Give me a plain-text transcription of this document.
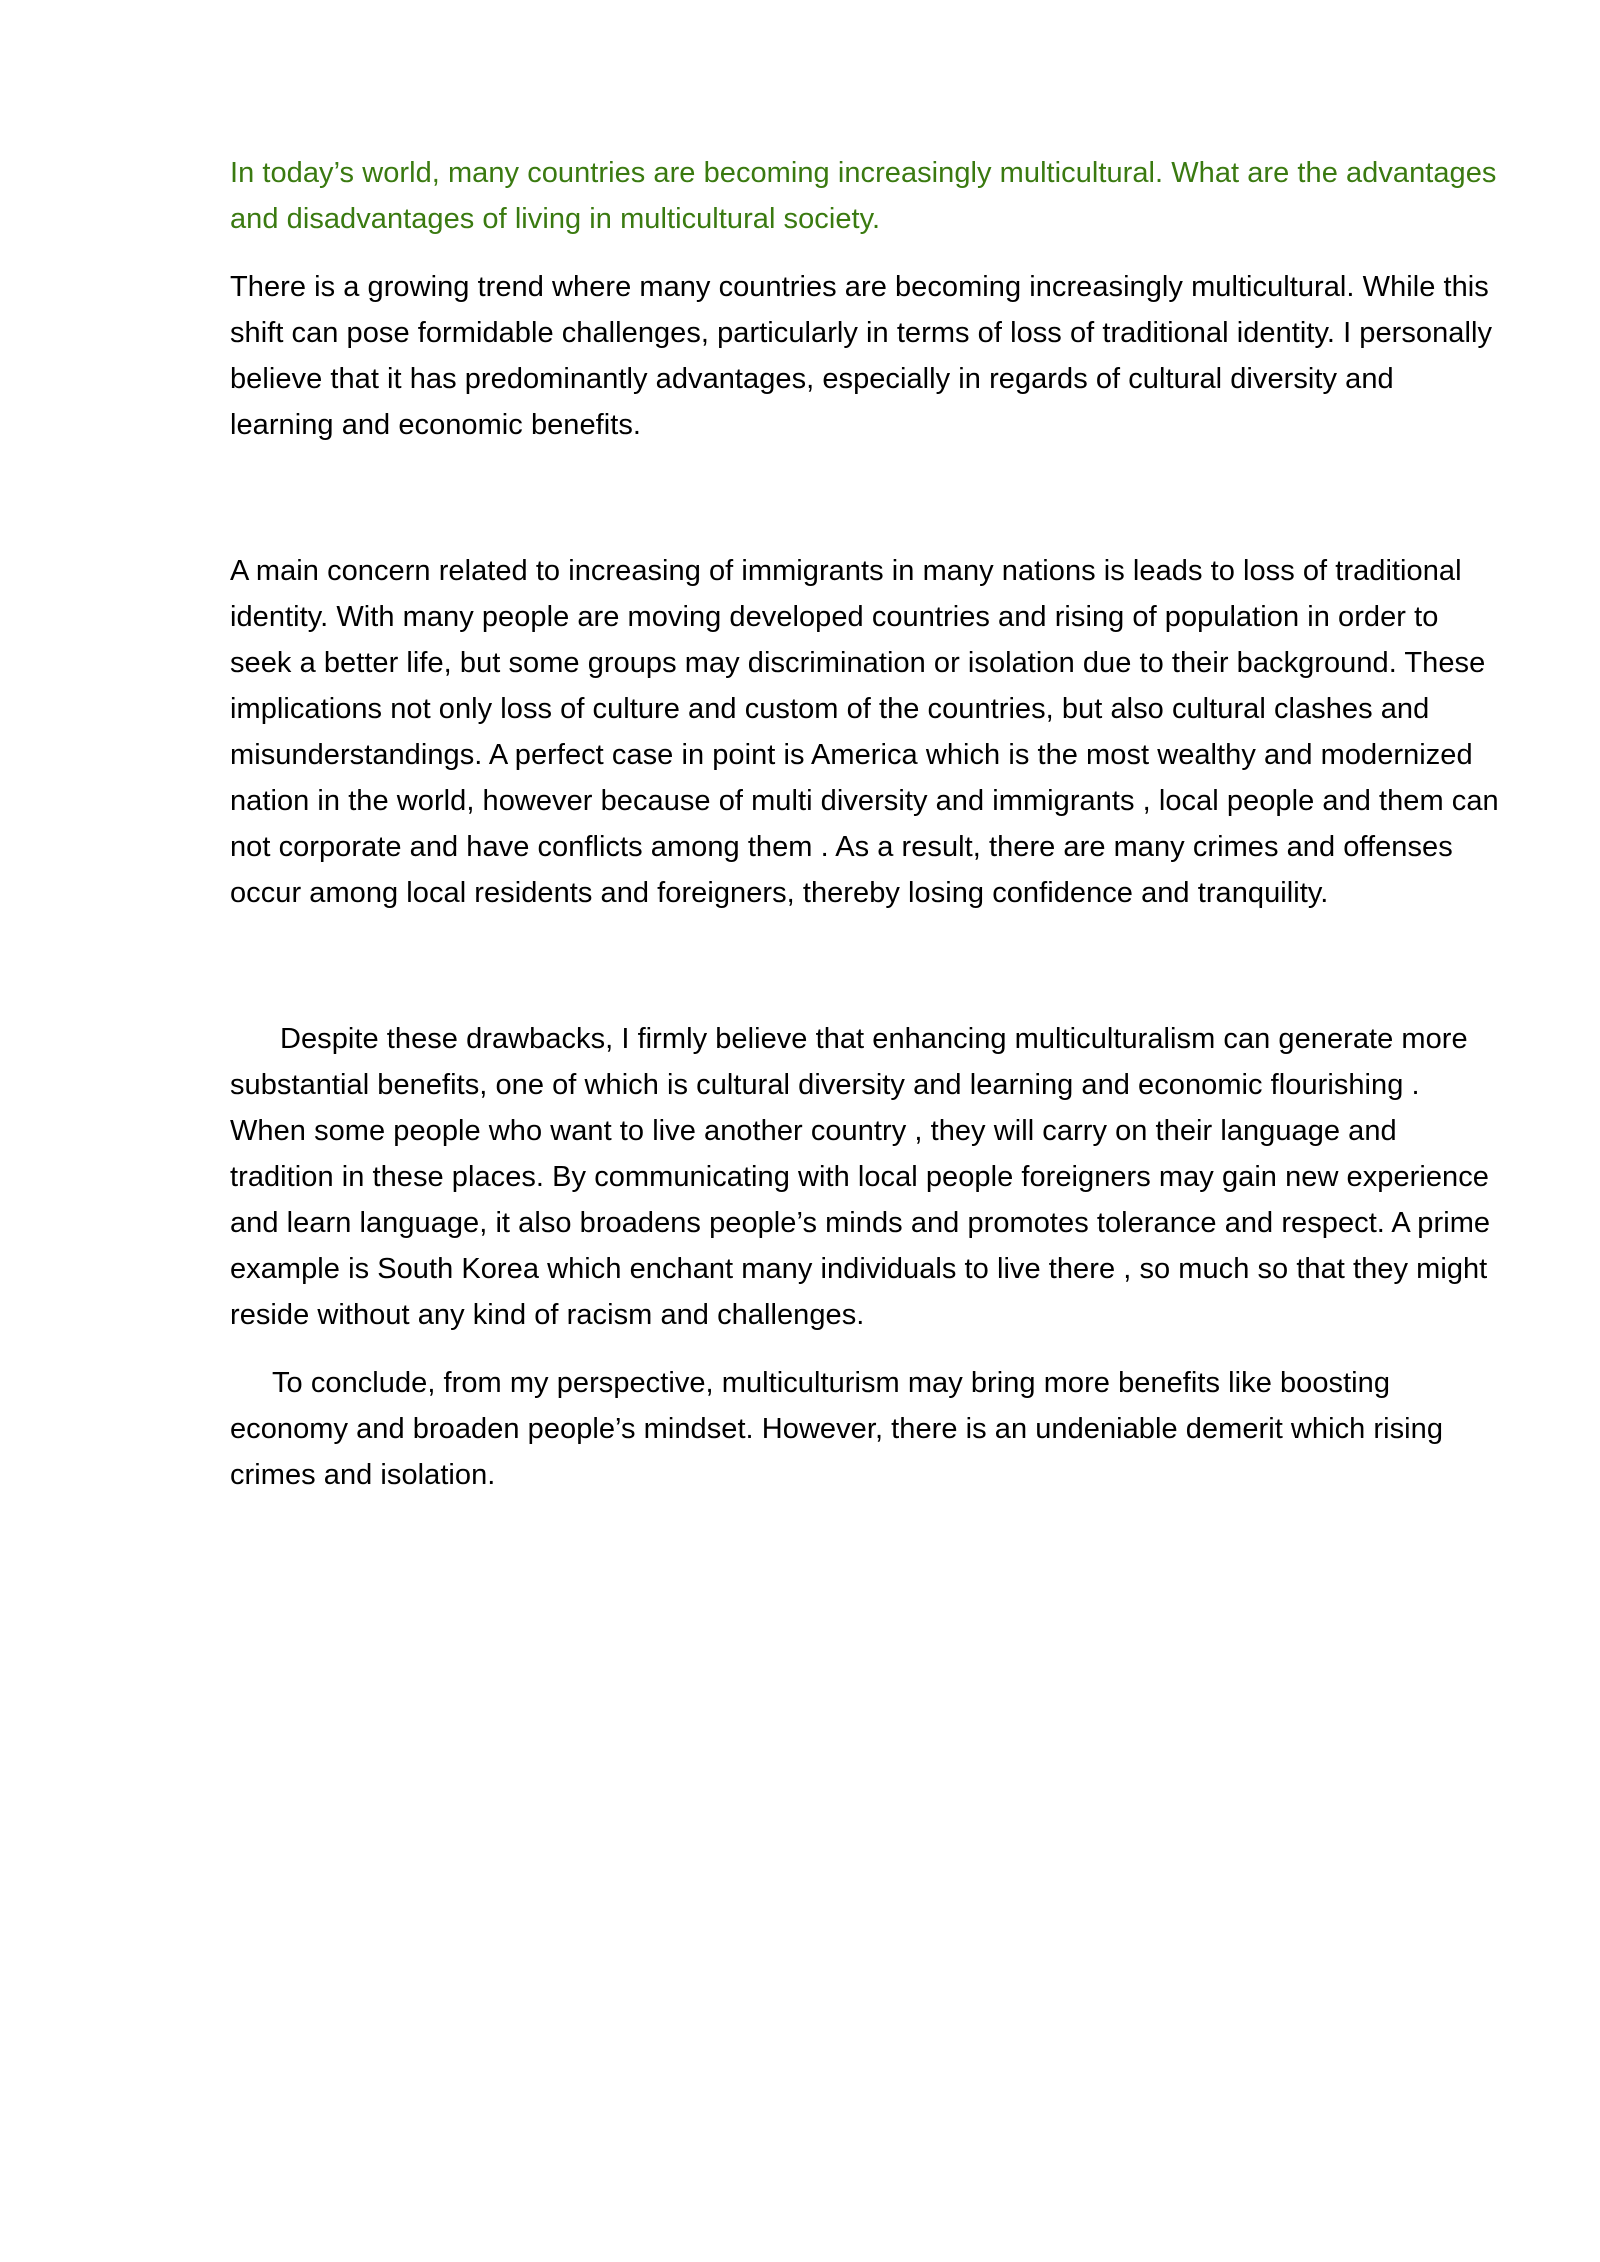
In today’s world, many countries are becoming increasingly multicultural. What are the advantages and disadvantages of living in multicultural society.

There is a growing trend where many countries are becoming increasingly multicultural. While this shift can pose formidable challenges, particularly in terms of loss of traditional identity. I personally believe that it has predominantly advantages, especially in regards of cultural diversity and learning and economic benefits.

A main concern related to increasing of immigrants in many nations is leads to loss of traditional identity. With many people are moving developed countries and rising of population in order to seek a better life, but some groups may discrimination or isolation due to their background. These implications not only loss of culture and custom of the countries, but also cultural clashes and misunderstandings. A perfect case in point is America which is the most wealthy and modernized nation in the world, however because of multi diversity and immigrants , local people and them can not corporate and have conflicts among them . As a result, there are many crimes and offenses occur among local residents and foreigners, thereby losing confidence and tranquility.

Despite these drawbacks, I firmly believe that enhancing multiculturalism can generate more substantial benefits, one of which is cultural diversity and learning and economic flourishing . When some people who want to live another country , they will carry on their language and tradition in these places. By communicating with local people foreigners may gain new experience and learn language, it also broadens people’s minds and promotes tolerance and respect. A prime example is South Korea which enchant many individuals to live there , so much so that they might reside without any kind of racism and challenges.

To conclude, from my perspective, multiculturism may bring more benefits like boosting economy and broaden people’s mindset. However, there is an undeniable demerit which rising crimes and isolation.
